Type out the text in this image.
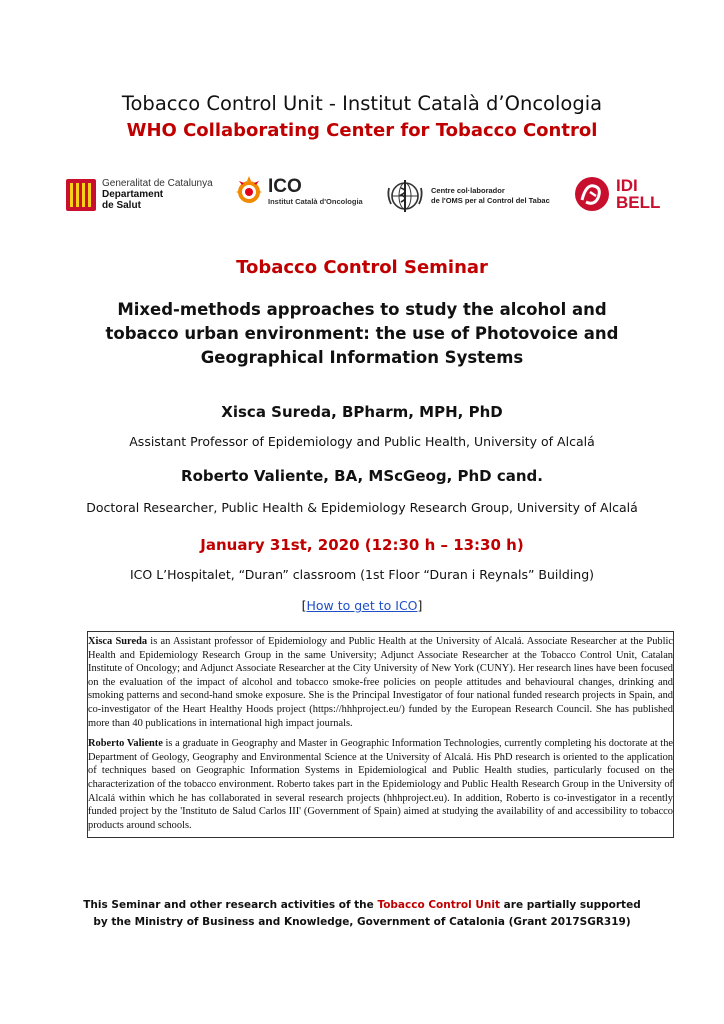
Tobacco Control Unit - Institut Català d’Oncologia
WHO Collaborating Center for Tobacco Control
Generalitat de Catalunya
Departament
de Salut
ICO
Institut Català d'Oncologia
Centre col·laborador
de l'OMS per al Control del Tabac
IDI
BELL
Tobacco Control Seminar
Mixed-methods approaches to study the alcohol and tobacco urban environment: the use of Photovoice and Geographical Information Systems
Xisca Sureda, BPharm, MPH, PhD
Assistant Professor of Epidemiology and Public Health, University of Alcalá
Roberto Valiente, BA, MScGeog, PhD cand.
Doctoral Researcher, Public Health & Epidemiology Research Group, University of Alcalá
January 31st, 2020 (12:30 h – 13:30 h)
ICO L’Hospitalet, “Duran” classroom (1st Floor “Duran i Reynals” Building)
[How to get to ICO]

Xisca Sureda is an Assistant professor of Epidemiology and Public Health at the University of Alcalá. Associate Researcher at the Public Health and Epidemiology Research Group in the same University; Adjunct Associate Researcher at the Tobacco Control Unit, Catalan Institute of Oncology; and Adjunct Associate Researcher at the City University of New York (CUNY). Her research lines have been focused on the evaluation of the impact of alcohol and tobacco smoke-free policies on people attitudes and behavioural changes, drinking and smoking patterns and second-hand smoke exposure. She is the Principal Investigator of four national funded research projects in Spain, and co-investigator of the Heart Healthy Hoods project (https://hhhproject.eu/) funded by the European Research Council. She has published more than 40 publications in international high impact journals.

Roberto Valiente is a graduate in Geography and Master in Geographic Information Technologies, currently completing his doctorate at the Department of Geology, Geography and Environmental Science at the University of Alcalá. His PhD research is oriented to the application of techniques based on Geographic Information Systems in Epidemiological and Public Health studies, particularly focused on the characterization of the tobacco environment. Roberto takes part in the Epidemiology and Public Health Research Group in the University of Alcalá within which he has collaborated in several research projects (hhhproject.eu). In addition, Roberto is co-investigator in a recently funded project by the 'Instituto de Salud Carlos III' (Government of Spain) aimed at studying the availability of and accessibility to tobacco products around schools.

This Seminar and other research activities of the Tobacco Control Unit are partially supported
by the Ministry of Business and Knowledge, Government of Catalonia (Grant 2017SGR319)
